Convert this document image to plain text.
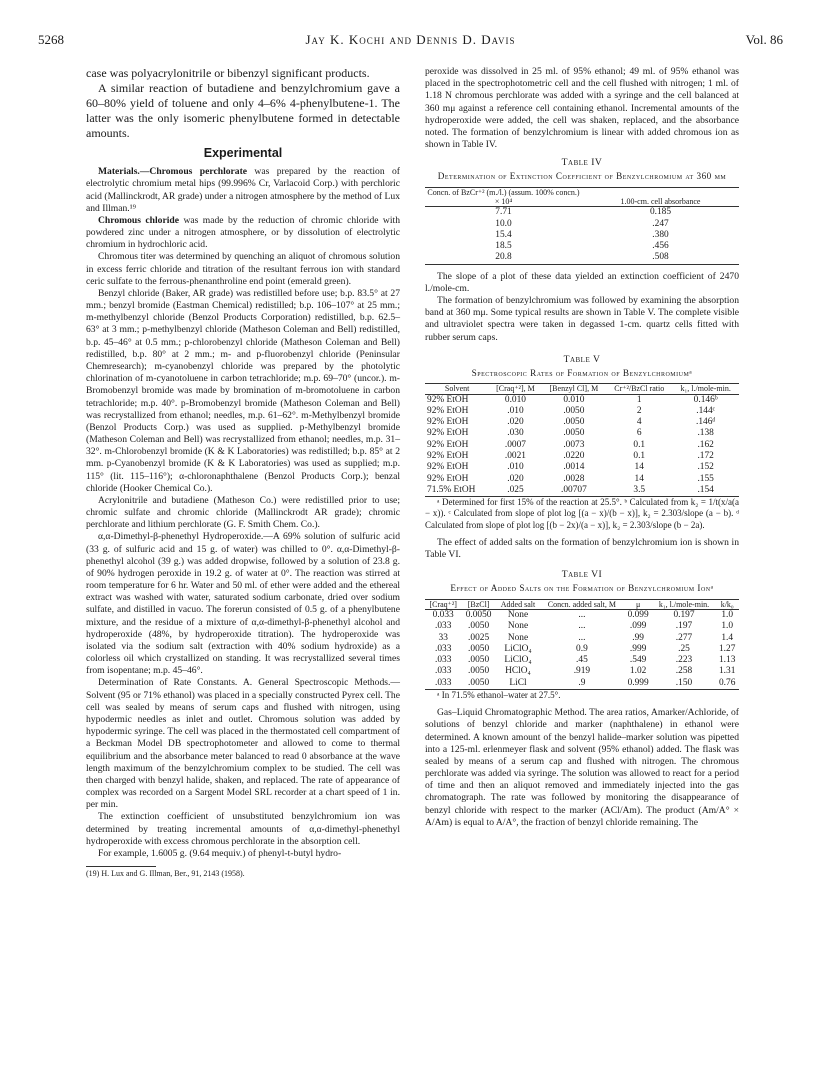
5268	Jay K. Kochi and Dennis D. Davis	Vol. 86

case was polyacrylonitrile or bibenzyl significant products.

A similar reaction of butadiene and benzylchromium gave a 60–80% yield of toluene and only 4–6% 4-phenylbutene-1. The latter was the only isomeric phenylbutene formed in detectable amounts.

Experimental

Materials.—Chromous perchlorate was prepared by the reaction of electrolytic chromium metal hips (99.996% Cr, Varlacoid Corp.) with perchloric acid (Mallinckrodt, AR grade) under a nitrogen atmosphere by the method of Lux and Illman.¹⁹

Chromous chloride was made by the reduction of chromic chloride with powdered zinc under a nitrogen atmosphere, or by dissolution of electrolytic chromium in hydrochloric acid.

Chromous titer was determined by quenching an aliquot of chromous solution in excess ferric chloride and titration of the resultant ferrous ion with standard ceric sulfate to the ferrous-phenanthroline end point (emerald green).

Benzyl chloride (Baker, AR grade) was redistilled before use; b.p. 83.5° at 27 mm.; benzyl bromide (Eastman Chemical) redistilled; b.p. 106–107° at 25 mm.; m-methylbenzyl chloride (Benzol Products Corporation) redistilled, b.p. 62.5–63° at 3 mm.; p-methylbenzyl chloride (Matheson Coleman and Bell) redistilled, b.p. 45–46° at 0.5 mm.; p-chlorobenzyl chloride (Matheson Coleman and Bell) redistilled, b.p. 80° at 2 mm.; m- and p-fluorobenzyl chloride (Peninsular Chemresearch); m-cyanobenzyl chloride was prepared by the photolytic chlorination of m-cyanotoluene in carbon tetrachloride; m.p. 69–70° (uncor.). m-Bromobenzyl bromide was made by bromination of m-bromotoluene in carbon tetrachloride; m.p. 40°. p-Bromobenzyl bromide (Matheson Coleman and Bell) was recrystallized from ethanol; needles, m.p. 61–62°. m-Methylbenzyl bromide (Benzol Products Corp.) was used as supplied. p-Methylbenzyl bromide (Matheson Coleman and Bell) was recrystallized from ethanol; needles, m.p. 31–32°. m-Chlorobenzyl bromide (K & K Laboratories) was redistilled; b.p. 85° at 2 mm. p-Cyanobenzyl bromide (K & K Laboratories) was used as supplied; m.p. 115° (lit. 115–116°); α-chloronaphthalene (Benzol Products Corp.); benzal chloride (Hooker Chemical Co.).

Acrylonitrile and butadiene (Matheson Co.) were redistilled prior to use; chromic sulfate and chromic chloride (Mallinckrodt AR grade); chromic perchlorate and lithium perchlorate (G. F. Smith Chem. Co.).

α,α-Dimethyl-β-phenethyl Hydroperoxide.—A 69% solution of sulfuric acid (33 g. of sulfuric acid and 15 g. of water) was chilled to 0°. α,α-Dimethyl-β-phenethyl alcohol (39 g.) was added dropwise, followed by a solution of 23.8 g. of 90% hydrogen peroxide in 19.2 g. of water at 0°. The reaction was stirred at room temperature for 6 hr. Water and 50 ml. of ether were added and the ethereal extract was washed with water, saturated sodium carbonate, dried over sodium sulfate, and distilled in vacuo. The forerun consisted of 0.5 g. of a phenylbutene mixture, and the residue of a mixture of α,α-dimethyl-β-phenethyl alcohol and hydroperoxide (48%, by hydroperoxide titration). The hydroperoxide was isolated via the sodium salt (extraction with 40% sodium hydroxide) as a colorless oil which crystallized on standing. It was recrystallized several times from isopentane; m.p. 45–46°.

Determination of Rate Constants. A. General Spectroscopic Methods.—Solvent (95 or 71% ethanol) was placed in a specially constructed Pyrex cell. The cell was sealed by means of serum caps and flushed with nitrogen, using hypodermic needles as inlet and outlet. Chromous solution was added by hypodermic syringe. The cell was placed in the thermostated cell compartment of a Beckman Model DB spectrophotometer and allowed to come to thermal equilibrium and the absorbance meter balanced to read 0 absorbance at the wave length maximum of the benzylchromium complex to be studied. The cell was then charged with benzyl halide, shaken, and replaced. The rate of appearance of complex was recorded on a Sargent Model SRL recorder at a chart speed of 1 in. per min.

The extinction coefficient of unsubstituted benzylchromium ion was determined by treating incremental amounts of α,α-dimethyl-phenethyl hydroperoxide with excess chromous perchlorate in the absorption cell.

For example, 1.6005 g. (9.64 mequiv.) of phenyl-t-butyl hydro-

(19) H. Lux and G. Illman, Ber., 91, 2143 (1958).

peroxide was dissolved in 25 ml. of 95% ethanol; 49 ml. of 95% ethanol was placed in the spectrophotometric cell and the cell flushed with nitrogen; 1 ml. of 1.18 N chromous perchlorate was added with a syringe and the cell balanced at 360 mμ against a reference cell containing ethanol. Incremental amounts of the hydroperoxide were added, the cell was shaken, replaced, and the absorbance noted. The formation of benzylchromium is linear with added chromous ion as shown in Table IV.

Table IV
Determination of Extinction Coefficient of Benzylchromium at 360 mμ

Concn. of BzCr⁺² (m./l.) (assum. 100% concn.) × 10⁴	1.00-cm. cell absorbance

7.71	0.185
10.0	.247
15.4	.380
18.5	.456
20.8	.508

The slope of a plot of these data yielded an extinction coefficient of 2470 l./mole-cm.

The formation of benzylchromium was followed by examining the absorption band at 360 mμ. Some typical results are shown in Table V. The complete visible and ultraviolet spectra were taken in degassed 1-cm. quartz cells fitted with rubber serum caps.

Table V
Spectroscopic Rates of Formation of Benzylchromiumᵃ

Solvent	[Craq⁺²], M	[Benzyl Cl], M	Cr⁺²/BzCl ratio	k₁, l./mole-min.

92% EtOH	0.010	0.010	1	0.146ᵇ
92% EtOH	.010	.0050	2	.144ᶜ
92% EtOH	.020	.0050	4	.146ᵈ
92% EtOH	.030	.0050	6	.138
92% EtOH	.0007	.0073	0.1	.162
92% EtOH	.0021	.0220	0.1	.172
92% EtOH	.010	.0014	14	.152
92% EtOH	.020	.0028	14	.155
71.5% EtOH	.025	.00707	3.5	.154

ᵃ Determined for first 15% of the reaction at 25.5°. ᵇ Calculated from k₂ = 1/t(x/a(a − x)). ᶜ Calculated from slope of plot log [(a − x)/(b − x)], k₂ = 2.303/slope (a − b). ᵈ Calculated from slope of plot log [(b − 2x)/(a − x)], k₂ = 2.303/slope (b − 2a).

The effect of added salts on the formation of benzylchromium ion is shown in Table VI.

Table VI
Effect of Added Salts on the Formation of Benzylchromium Ionᵃ

[Craq⁺²]	[BzCl]	Added salt	Concn. added salt, M	μ	k₁, l./mole-min.	k/k₀

0.033	0.0050	None	...	0.099	0.197	1.0
.033	.0050	None	...	.099	.197	1.0
33	.0025	None	...	.99	.277	1.4
.033	.0050	LiClO₄	0.9	.999	.25	1.27
.033	.0050	LiClO₄	.45	.549	.223	1.13
.033	.0050	HClO₄	.919	1.02	.258	1.31
.033	.0050	LiCl	.9	0.999	.150	0.76

ᵃ In 71.5% ethanol–water at 27.5°.

Gas–Liquid Chromatographic Method. The area ratios, Amarker/Achloride, of solutions of benzyl chloride and marker (naphthalene) in ethanol were determined. A known amount of the benzyl halide–marker solution was pipetted into a 125-ml. erlenmeyer flask and solvent (95% ethanol) added. The flask was sealed by means of a serum cap and flushed with nitrogen. The chromous perchlorate was added via syringe. The solution was allowed to react for a period of time and then an aliquot removed and immediately injected into the gas chromatograph. The rate was followed by monitoring the disappearance of benzyl chloride with respect to the marker (ACl/Am). The product (Am/A° × A/Am) is equal to A/A°, the fraction of benzyl chloride remaining. The
